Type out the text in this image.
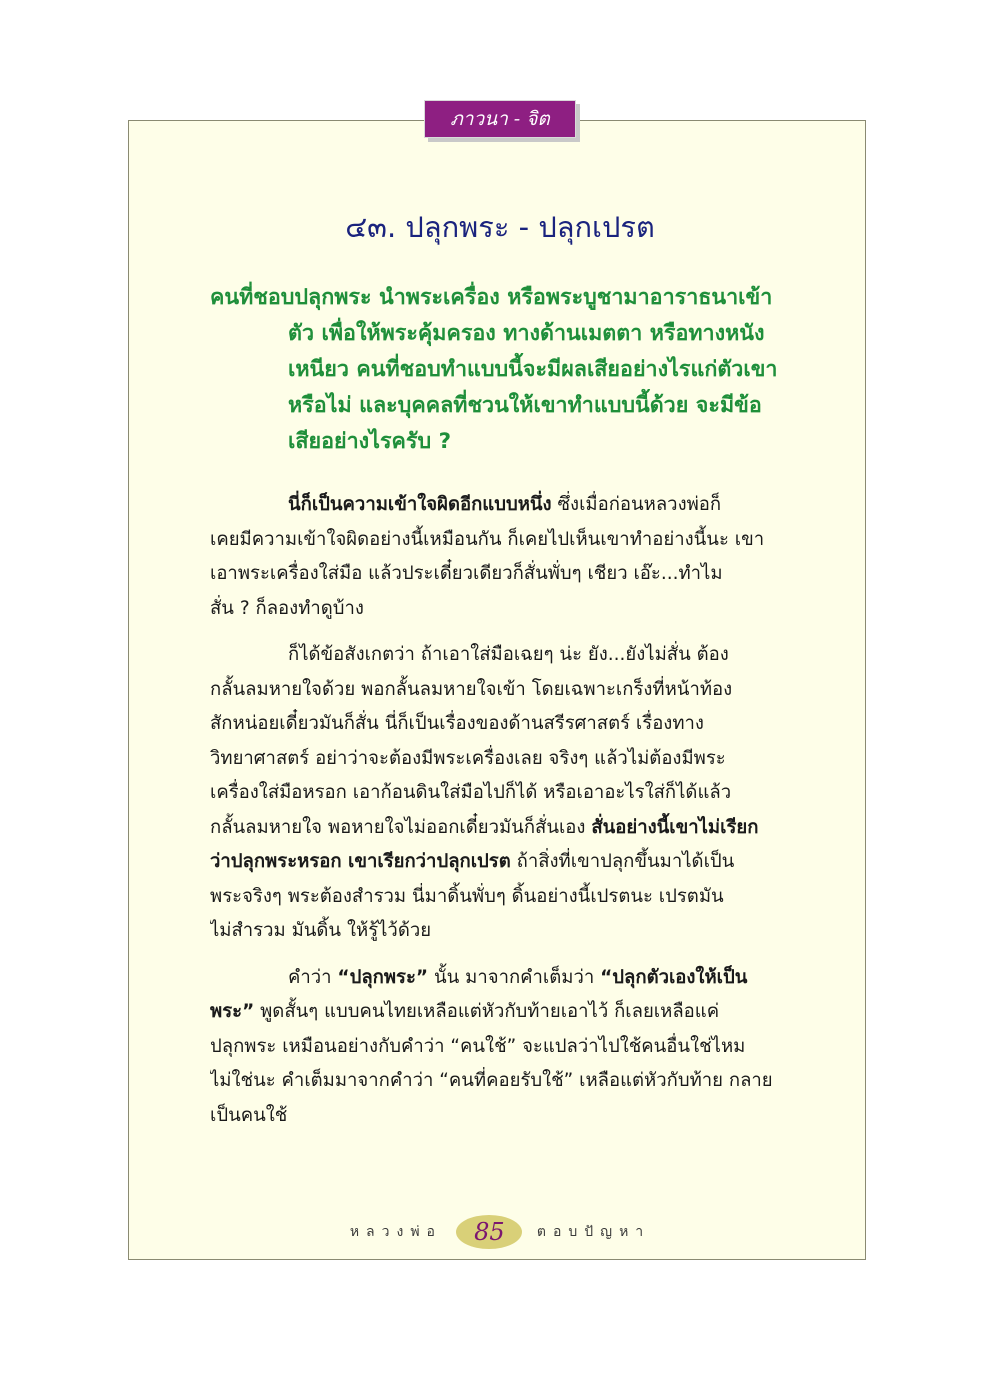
ภาวนา - จิต
๔๓. ปลุกพระ - ปลุกเปรต
คนที่ชอบปลุกพระ นำพระเครื่อง หรือพระบูชามาอาราธนาเข้า
ตัว เพื่อให้พระคุ้มครอง ทางด้านเมตตา หรือทางหนัง
เหนียว คนที่ชอบทำแบบนี้จะมีผลเสียอย่างไรแก่ตัวเขา
หรือไม่ และบุคคลที่ชวนให้เขาทำแบบนี้ด้วย จะมีข้อ
เสียอย่างไรครับ ?
นี่ก็เป็นความเข้าใจผิดอีกแบบหนึ่ง ซึ่งเมื่อก่อนหลวงพ่อก็
เคยมีความเข้าใจผิดอย่างนี้เหมือนกัน ก็เคยไปเห็นเขาทำอย่างนี้นะ เขา
เอาพระเครื่องใส่มือ แล้วประเดี๋ยวเดียวก็สั่นพั่บๆ เชียว เอ๊ะ...ทำไม
สั่น ? ก็ลองทำดูบ้าง
ก็ได้ข้อสังเกตว่า ถ้าเอาใส่มือเฉยๆ น่ะ ยัง...ยังไม่สั่น ต้อง
กลั้นลมหายใจด้วย พอกลั้นลมหายใจเข้า โดยเฉพาะเกร็งที่หน้าท้อง
สักหน่อยเดี๋ยวมันก็สั่น นี่ก็เป็นเรื่องของด้านสรีรศาสตร์ เรื่องทาง
วิทยาศาสตร์ อย่าว่าจะต้องมีพระเครื่องเลย จริงๆ แล้วไม่ต้องมีพระ
เครื่องใส่มือหรอก เอาก้อนดินใส่มือไปก็ได้ หรือเอาอะไรใส่ก็ได้แล้ว
กลั้นลมหายใจ พอหายใจไม่ออกเดี๋ยวมันก็สั่นเอง สั่นอย่างนี้เขาไม่เรียก
ว่าปลุกพระหรอก เขาเรียกว่าปลุกเปรต ถ้าสิ่งที่เขาปลุกขึ้นมาได้เป็น
พระจริงๆ พระต้องสำรวม นี่มาดิ้นพั่บๆ ดิ้นอย่างนี้เปรตนะ เปรตมัน
ไม่สำรวม มันดิ้น ให้รู้ไว้ด้วย
คำว่า “ปลุกพระ” นั้น มาจากคำเต็มว่า “ปลุกตัวเองให้เป็น
พระ” พูดสั้นๆ แบบคนไทยเหลือแต่หัวกับท้ายเอาไว้ ก็เลยเหลือแค่
ปลุกพระ เหมือนอย่างกับคำว่า “คนใช้” จะแปลว่าไปใช้คนอื่นใช่ไหม
ไม่ใช่นะ คำเต็มมาจากคำว่า “คนที่คอยรับใช้” เหลือแต่หัวกับท้าย กลาย
เป็นคนใช้
หลวงพ่อ 85 ตอบปัญหา
